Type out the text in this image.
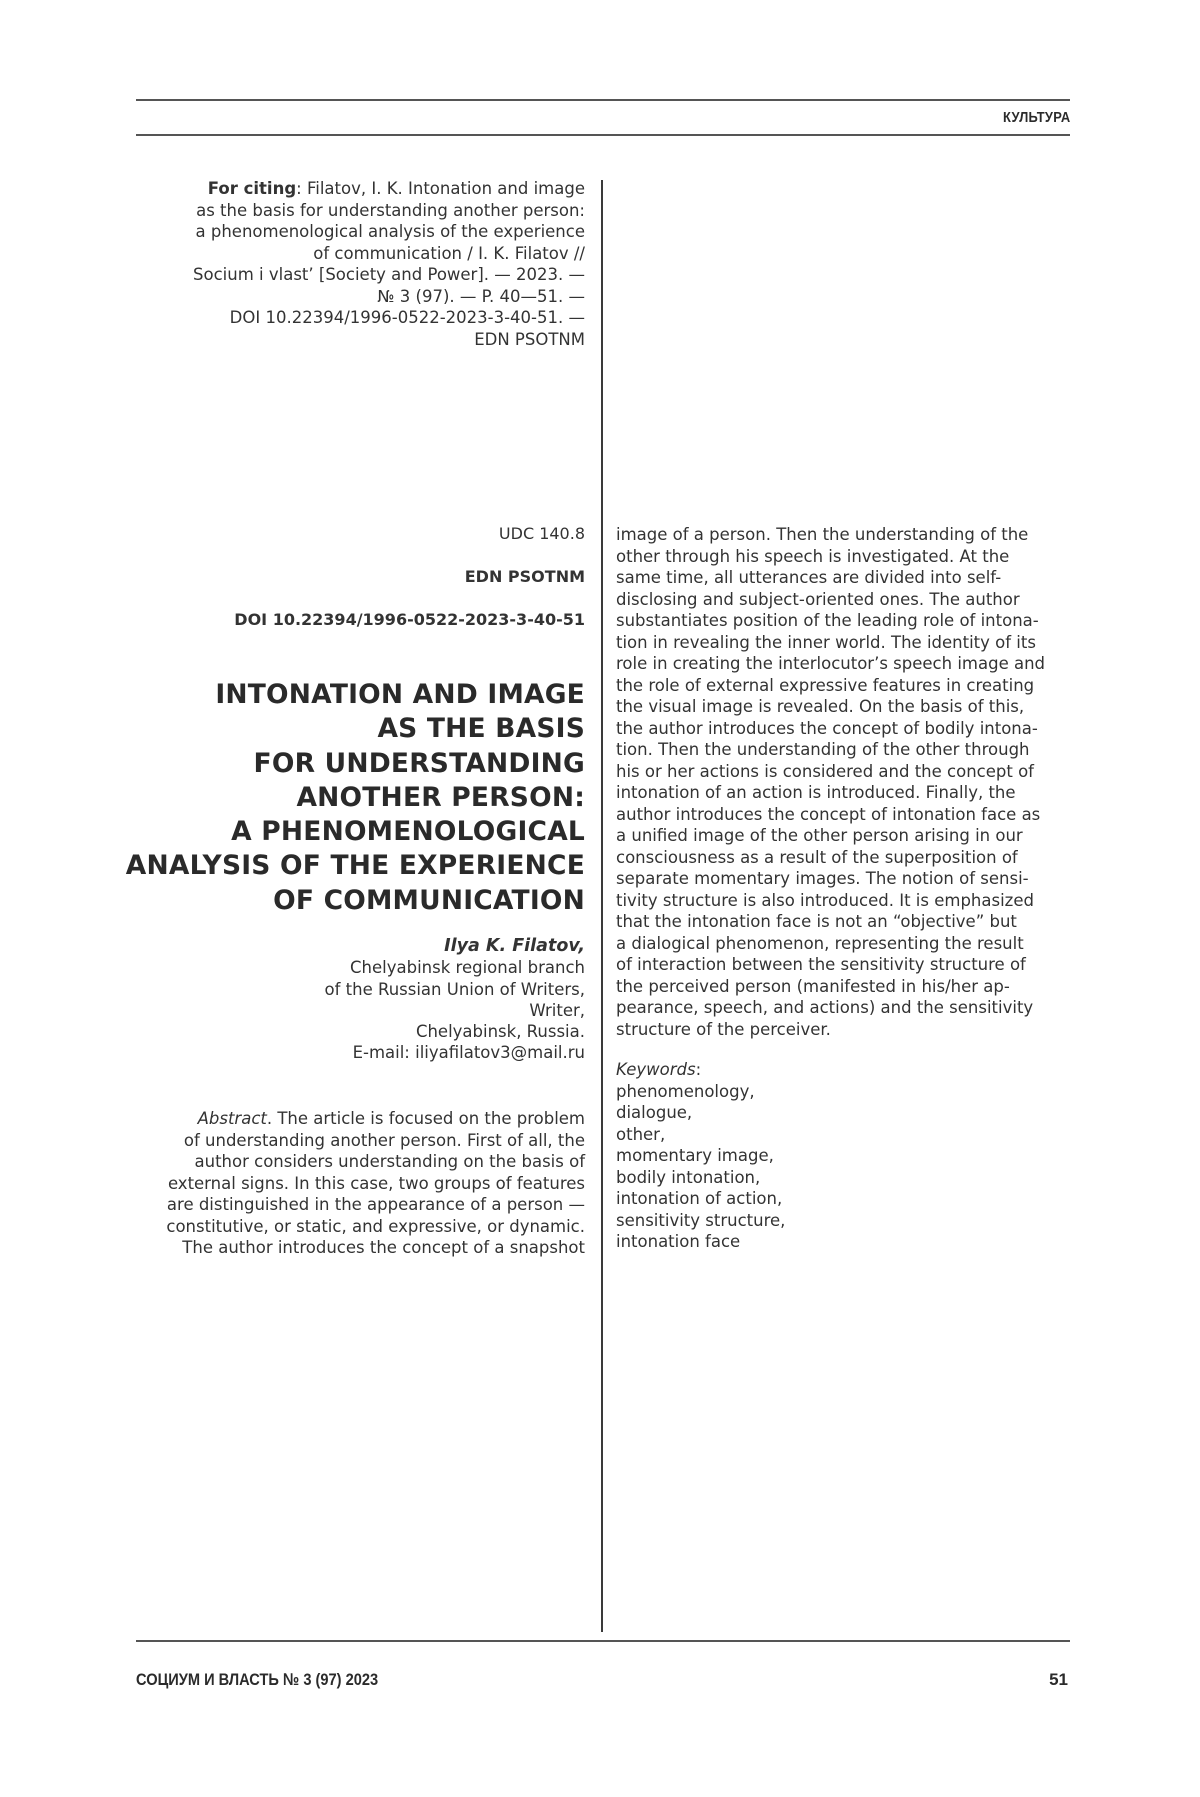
КУЛЬТУРА
For citing: Filatov, I. K. Intonation and image
as the basis for understanding another person:
a phenomenological analysis of the experience
of communication / I. K. Filatov //
Socium i vlast’ [Society and Power]. — 2023. —
№ 3 (97). — P. 40—51. —
DOI 10.22394/1996-0522-2023-3-40-51. —
EDN PSOTNM
UDC 140.8
EDN PSOTNM
DOI 10.22394/1996-0522-2023-3-40-51
INTONATION AND IMAGE
AS THE BASIS
FOR UNDERSTANDING
ANOTHER PERSON:
A PHENOMENOLOGICAL
ANALYSIS OF THE EXPERIENCE
OF COMMUNICATION
Ilya K. Filatov,
Chelyabinsk regional branch
of the Russian Union of Writers,
Writer,
Chelyabinsk, Russia.
E-mail: iliyafilatov3@mail.ru
Abstract. The article is focused on the problem
of understanding another person. First of all, the
author considers understanding on the basis of
external signs. In this case, two groups of features
are distinguished in the appearance of a person —
constitutive, or static, and expressive, or dynamic.
The author introduces the concept of a snapshot
image of a person. Then the understanding of the
other through his speech is investigated. At the
same time, all utterances are divided into self-
disclosing and subject-oriented ones. The author
substantiates position of the leading role of intona-
tion in revealing the inner world. The identity of its
role in creating the interlocutor’s speech image and
the role of external expressive features in creating
the visual image is revealed. On the basis of this,
the author introduces the concept of bodily intona-
tion. Then the understanding of the other through
his or her actions is considered and the concept of
intonation of an action is introduced. Finally, the
author introduces the concept of intonation face as
a unified image of the other person arising in our
consciousness as a result of the superposition of
separate momentary images. The notion of sensi-
tivity structure is also introduced. It is emphasized
that the intonation face is not an “objective” but
a dialogical phenomenon, representing the result
of interaction between the sensitivity structure of
the perceived person (manifested in his/her ap-
pearance, speech, and actions) and the sensitivity
structure of the perceiver.
Keywords:
phenomenology,
dialogue,
other,
momentary image,
bodily intonation,
intonation of action,
sensitivity structure,
intonation face
СОЦИУМ И ВЛАСТЬ № 3 (97) 2023	51
